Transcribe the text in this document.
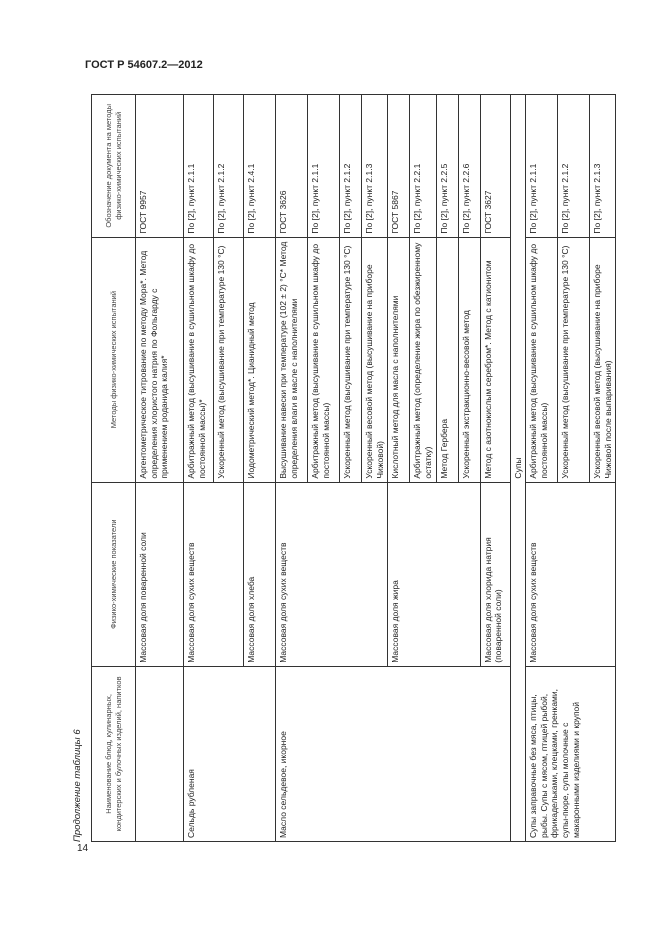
ГОСТ Р 54607.2—2012
14
Продолжение таблицы 6	Наименование блюд, кулинарных, кондитерских и булочных изделий, напитков	Физико-химические показатели	Методы физико-химических испытаний	Обозначение документа на методы физико-химических испытаний
	Массовая доля поваренной соли	Аргентометрическое титрование по методу Мора*. Метод определения хлористого натрия по Фольгарду с применением роданида калия*	ГОСТ 9957
Сельдь рубленая	Массовая доля сухих веществ	Арбитражный метод (высушивание в сушильном шкафу до постоянной массы)*	По [2], пункт 2.1.1
		Ускоренный метод (высушивание при температуре 130 °С)	По [2], пункт 2.1.2
	Массовая доля хлеба	Иодометрический метод*. Цианидный метод	По [2], пункт 2.4.1
Масло сельдевое, икорное	Массовая доля сухих веществ	Высушивание навески при температуре (102 ± 2) °С* Метод определения влаги в масле с наполнителями	ГОСТ 3626
		Арбитражный метод (высушивание в сушильном шкафу до постоянной массы)	По [2], пункт 2.1.1
		Ускоренный метод (высушивание при температуре 130 °С)	По [2], пункт 2.1.2
		Ускоренный весовой метод (высушивание на приборе Чижовой)	По [2], пункт 2.1.3
	Массовая доля жира	Кислотный метод для масла с наполнителями	ГОСТ 5867
		Арбитражный метод (определение жира по обезжиренному остатку)	По [2], пункт 2.2.1
		Метод Гербера	По [2], пункт 2.2.5
		Ускоренный экстракционно-весовой метод	По [2], пункт 2.2.6
	Массовая доля хлорида натрия (поваренной соли)	Метод с азотнокислым серебром*. Метод с катионитом	ГОСТ 3627
Супы			
Супы заправочные без мяса, птицы, рыбы. Супы с мясом, птицей рыбой, фрикадельками, клецками, гренками, супы-пюре, супы молочные с макаронными изделиями и крупой	Массовая доля сухих веществ	Арбитражный метод (высушивание в сушильном шкафу до постоянной массы)	По [2], пункт 2.1.1
		Ускоренный метод (высушивание при температуре 130 °С)	По [2], пункт 2.1.2
		Ускоренный весовой метод (высушивание на приборе Чижовой после выпаривания)	По [2], пункт 2.1.3
